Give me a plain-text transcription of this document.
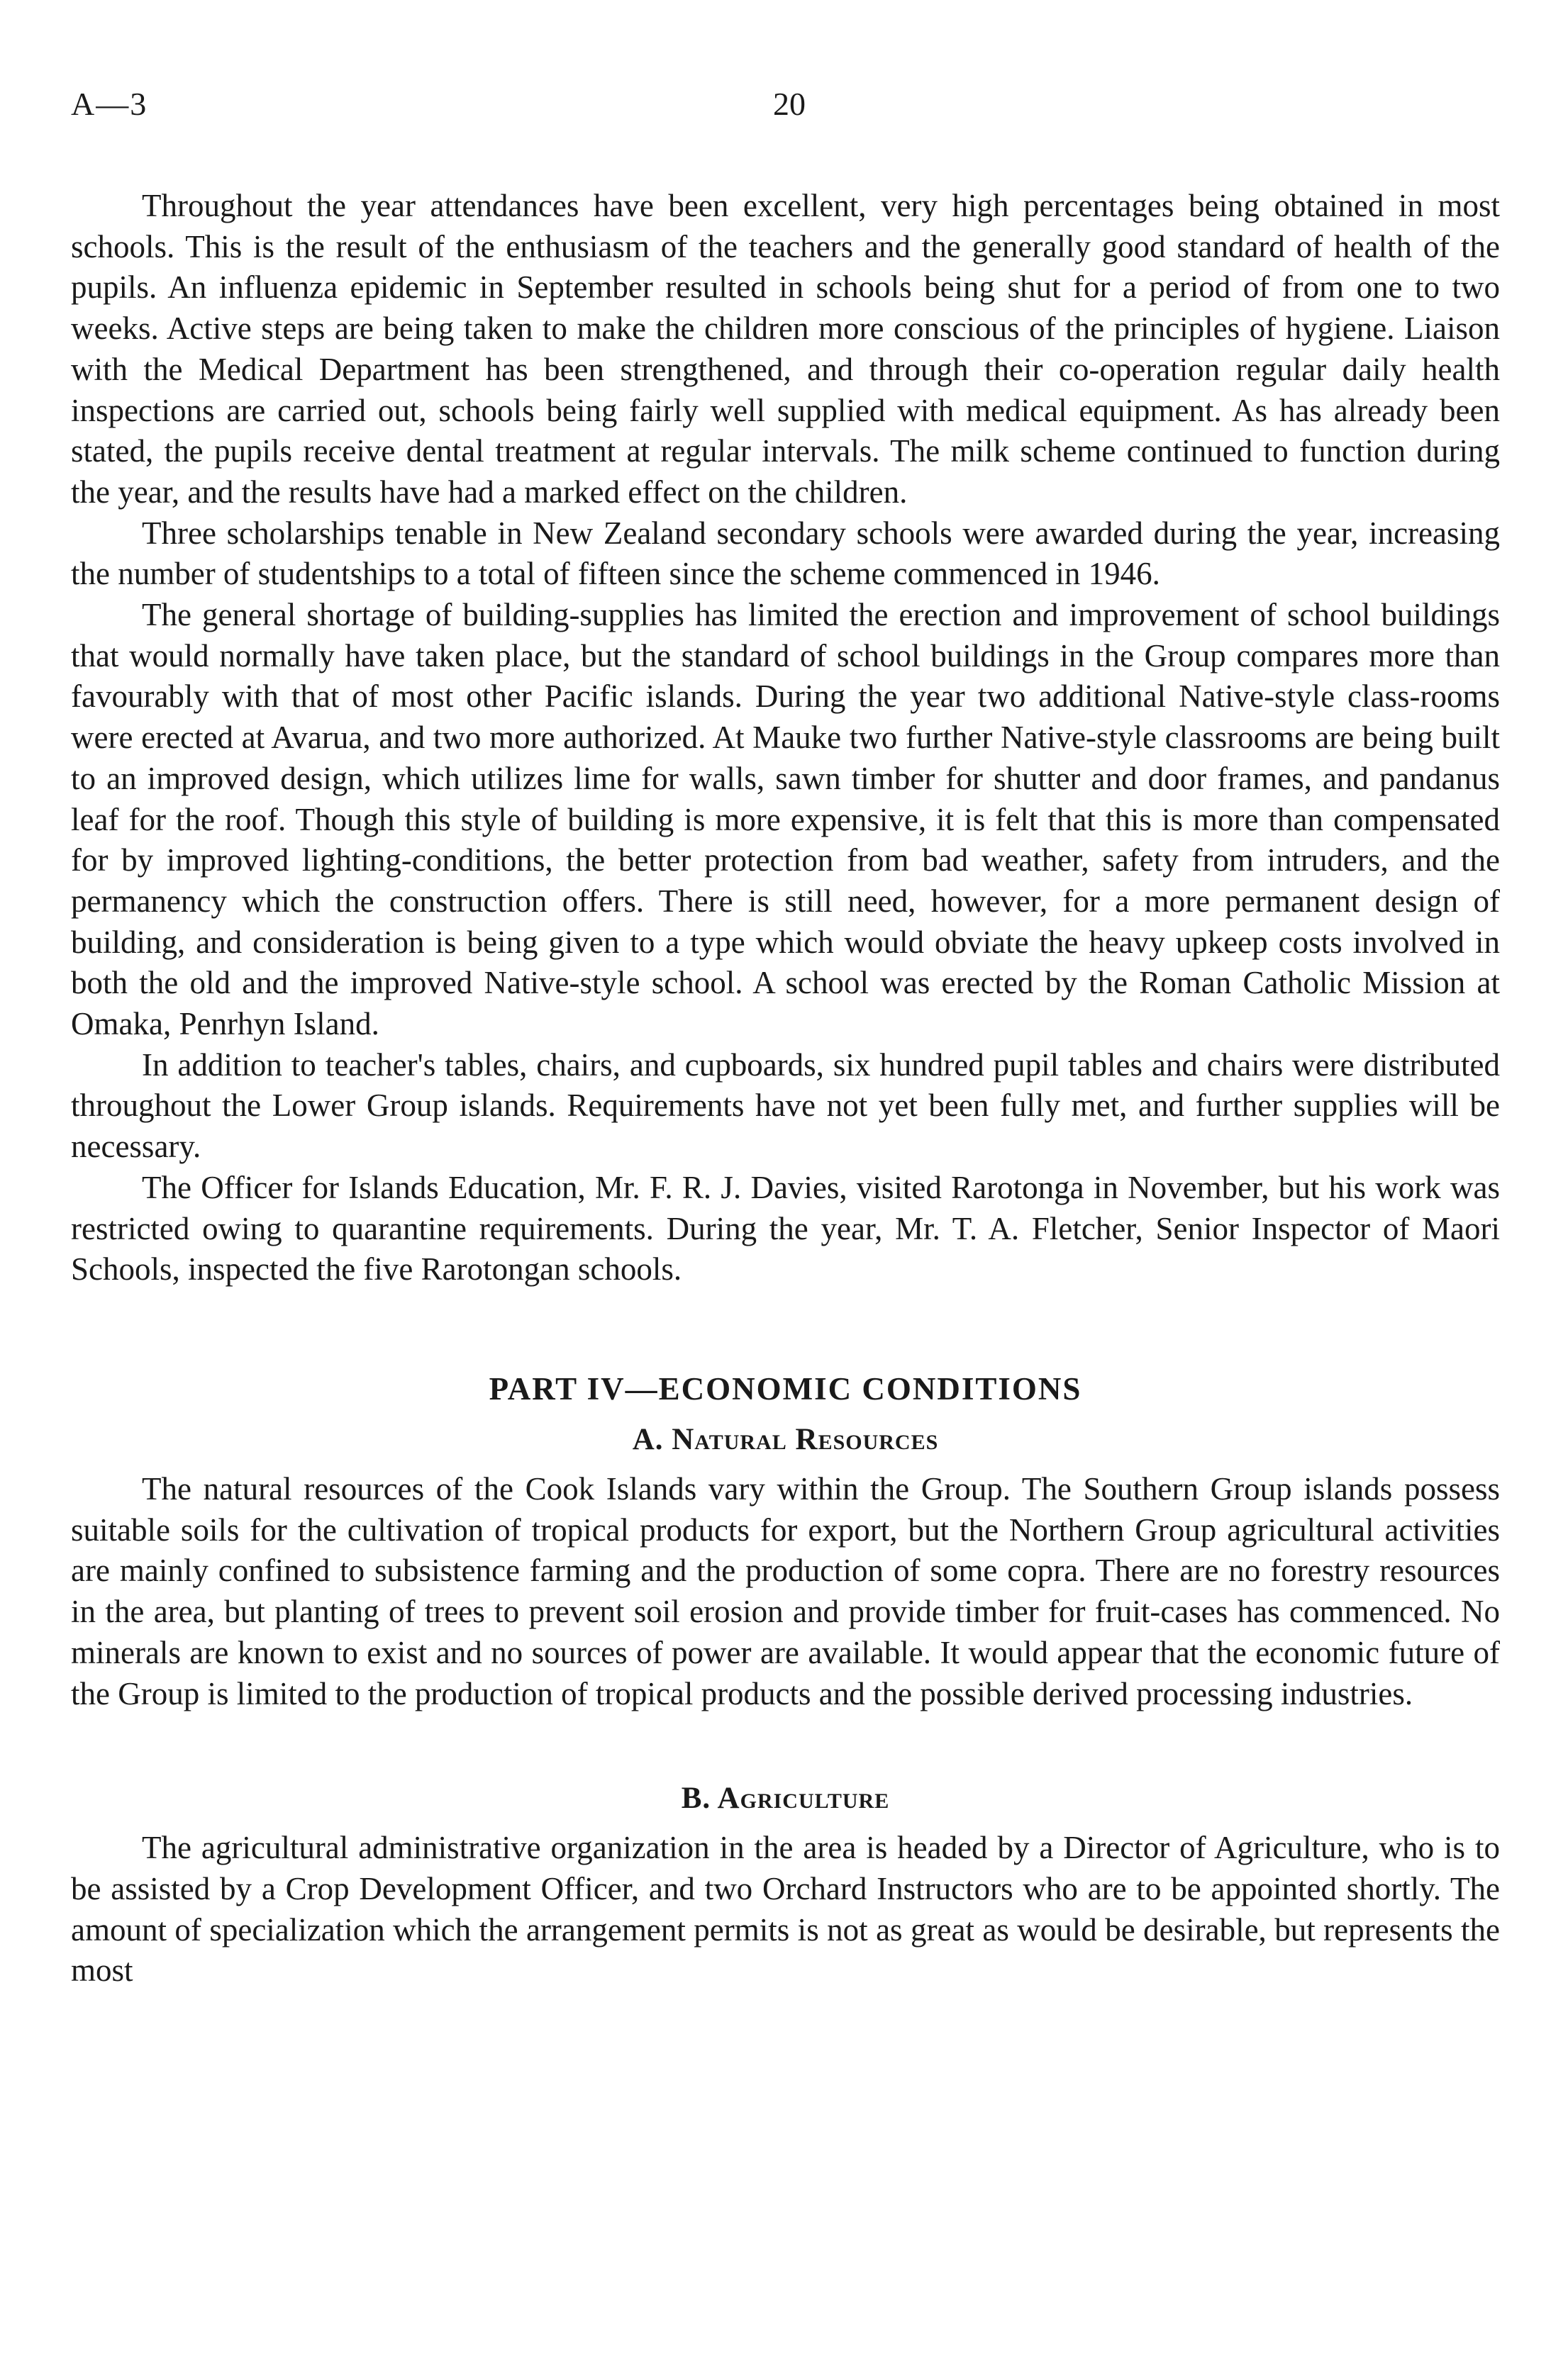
A—3	20

Throughout the year attendances have been excellent, very high percentages being obtained in most schools. This is the result of the enthusiasm of the teachers and the generally good standard of health of the pupils. An influenza epidemic in September resulted in schools being shut for a period of from one to two weeks. Active steps are being taken to make the children more conscious of the principles of hygiene. Liaison with the Medical Department has been strengthened, and through their co-operation regular daily health inspections are carried out, schools being fairly well supplied with medical equipment. As has already been stated, the pupils receive dental treatment at regular intervals. The milk scheme continued to function during the year, and the results have had a marked effect on the children.

Three scholarships tenable in New Zealand secondary schools were awarded during the year, increasing the number of studentships to a total of fifteen since the scheme commenced in 1946.

The general shortage of building-supplies has limited the erection and improvement of school buildings that would normally have taken place, but the standard of school buildings in the Group compares more than favourably with that of most other Pacific islands. During the year two additional Native-style class-rooms were erected at Avarua, and two more authorized. At Mauke two further Native-style classrooms are being built to an improved design, which utilizes lime for walls, sawn timber for shutter and door frames, and pandanus leaf for the roof. Though this style of building is more expensive, it is felt that this is more than compensated for by improved lighting-conditions, the better protection from bad weather, safety from intruders, and the permanency which the construction offers. There is still need, however, for a more permanent design of building, and consideration is being given to a type which would obviate the heavy upkeep costs involved in both the old and the improved Native-style school. A school was erected by the Roman Catholic Mission at Omaka, Penrhyn Island.

In addition to teacher's tables, chairs, and cupboards, six hundred pupil tables and chairs were distributed throughout the Lower Group islands. Requirements have not yet been fully met, and further supplies will be necessary.

The Officer for Islands Education, Mr. F. R. J. Davies, visited Rarotonga in November, but his work was restricted owing to quarantine requirements. During the year, Mr. T. A. Fletcher, Senior Inspector of Maori Schools, inspected the five Rarotongan schools.

PART IV—ECONOMIC CONDITIONS
A. Natural Resources

The natural resources of the Cook Islands vary within the Group. The Southern Group islands possess suitable soils for the cultivation of tropical products for export, but the Northern Group agricultural activities are mainly confined to subsistence farming and the production of some copra. There are no forestry resources in the area, but planting of trees to prevent soil erosion and provide timber for fruit-cases has commenced. No minerals are known to exist and no sources of power are available. It would appear that the economic future of the Group is limited to the production of tropical products and the possible derived processing industries.

B. Agriculture

The agricultural administrative organization in the area is headed by a Director of Agriculture, who is to be assisted by a Crop Development Officer, and two Orchard Instructors who are to be appointed shortly. The amount of specialization which the arrangement permits is not as great as would be desirable, but represents the most
